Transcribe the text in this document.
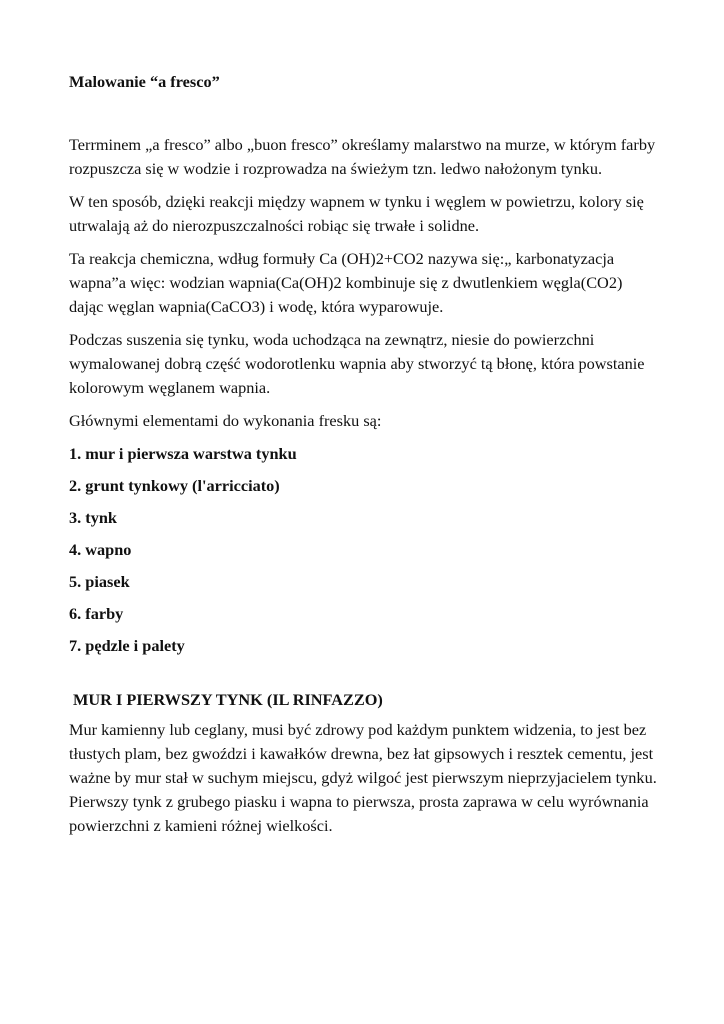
Malowanie “a fresco”

Terrminem „a fresco” albo „buon fresco” określamy malarstwo na murze, w którym farby rozpuszcza się w wodzie i rozprowadza na świeżym tzn. ledwo nałożonym tynku.

W ten sposób, dzięki reakcji między wapnem w tynku i węglem w powietrzu, kolory się utrwalają aż do nierozpuszczalności robiąc się trwałe i solidne.

Ta reakcja chemiczna, wdług formuły Ca (OH)2+CO2 nazywa się:„ karbonatyzacja wapna”a więc: wodzian wapnia(Ca(OH)2 kombinuje się z dwutlenkiem węgla(CO2) dając węglan wapnia(CaCO3) i wodę, która wyparowuje.

Podczas suszenia się tynku, woda uchodząca na zewnątrz, niesie do powierzchni wymalowanej dobrą część wodorotlenku wapnia aby stworzyć tą błonę, która powstanie kolorowym węglanem wapnia.

Głównymi elementami do wykonania fresku są:

1. mur i pierwsza warstwa tynku
2. grunt tynkowy (l'arricciato)
3. tynk
4. wapno
5. piasek
6. farby
7. pędzle i palety

MUR I PIERWSZY TYNK (IL RINFAZZO)

Mur kamienny lub ceglany, musi być zdrowy pod każdym punktem widzenia, to jest bez tłustych plam, bez gwoździ i kawałków drewna, bez łat gipsowych i resztek cementu, jest ważne by mur stał w suchym miejscu, gdyż wilgoć jest pierwszym nieprzyjacielem tynku. Pierwszy tynk z grubego piasku i wapna to pierwsza, prosta zaprawa w celu wyrównania powierzchni z kamieni różnej wielkości.
